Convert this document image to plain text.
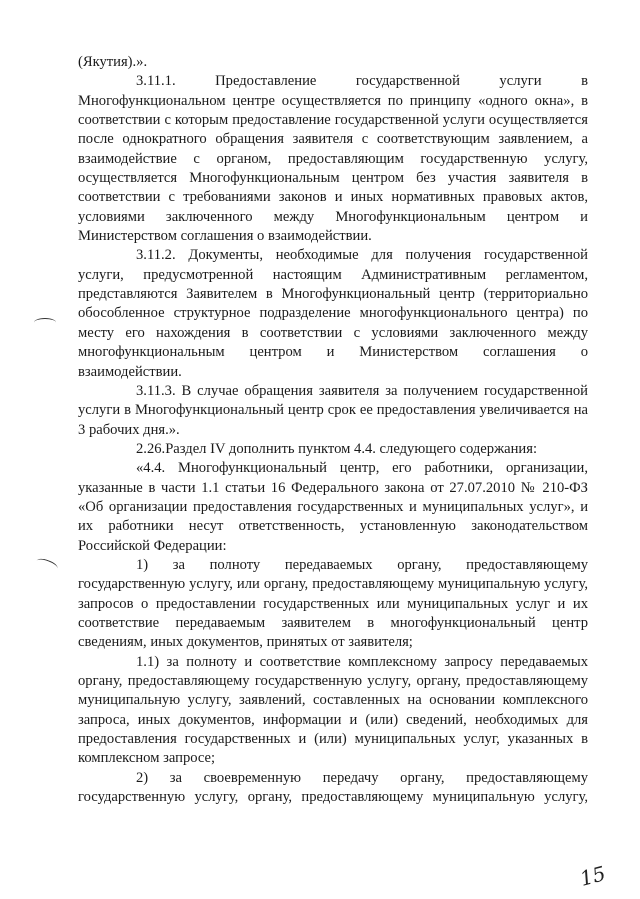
(Якутия).».

3.11.1. Предоставление государственной услуги в Многофункциональном центре осуществляется по принципу «одного окна», в соответствии с которым предоставление государственной услуги осуществляется после однократного обращения заявителя с соответствующим заявлением, а взаимодействие с органом, предоставляющим государственную услугу, осуществляется Многофункциональным центром без участия заявителя в соответствии с требованиями законов и иных нормативных правовых актов, условиями заключенного между Многофункциональным центром и Министерством соглашения о взаимодействии.

3.11.2. Документы, необходимые для получения государственной услуги, предусмотренной настоящим Административным регламентом, представляются Заявителем в Многофункциональный центр (территориально обособленное структурное подразделение многофункционального центра) по месту его нахождения в соответствии с условиями заключенного между многофункциональным центром и Министерством соглашения о взаимодействии.

3.11.3. В случае обращения заявителя за получением государственной услуги в Многофункциональный центр срок ее предоставления увеличивается на 3 рабочих дня.».

2.26.Раздел IV дополнить пунктом 4.4. следующего содержания:

«4.4. Многофункциональный центр, его работники, организации, указанные в части 1.1 статьи 16 Федерального закона от 27.07.2010 № 210-ФЗ «Об организации предоставления государственных и муниципальных услуг», и их работники несут ответственность, установленную законодательством Российской Федерации:

1) за полноту передаваемых органу, предоставляющему государственную услугу, или органу, предоставляющему муниципальную услугу, запросов о предоставлении государственных или муниципальных услуг и их соответствие передаваемым заявителем в многофункциональный центр сведениям, иных документов, принятых от заявителя;

1.1) за полноту и соответствие комплексному запросу передаваемых органу, предоставляющему государственную услугу, органу, предоставляющему муниципальную услугу, заявлений, составленных на основании комплексного запроса, иных документов, информации и (или) сведений, необходимых для предоставления государственных и (или) муниципальных услуг, указанных в комплексном запросе;

2) за своевременную передачу органу, предоставляющему государственную услугу, органу, предоставляющему муниципальную услугу,

15
